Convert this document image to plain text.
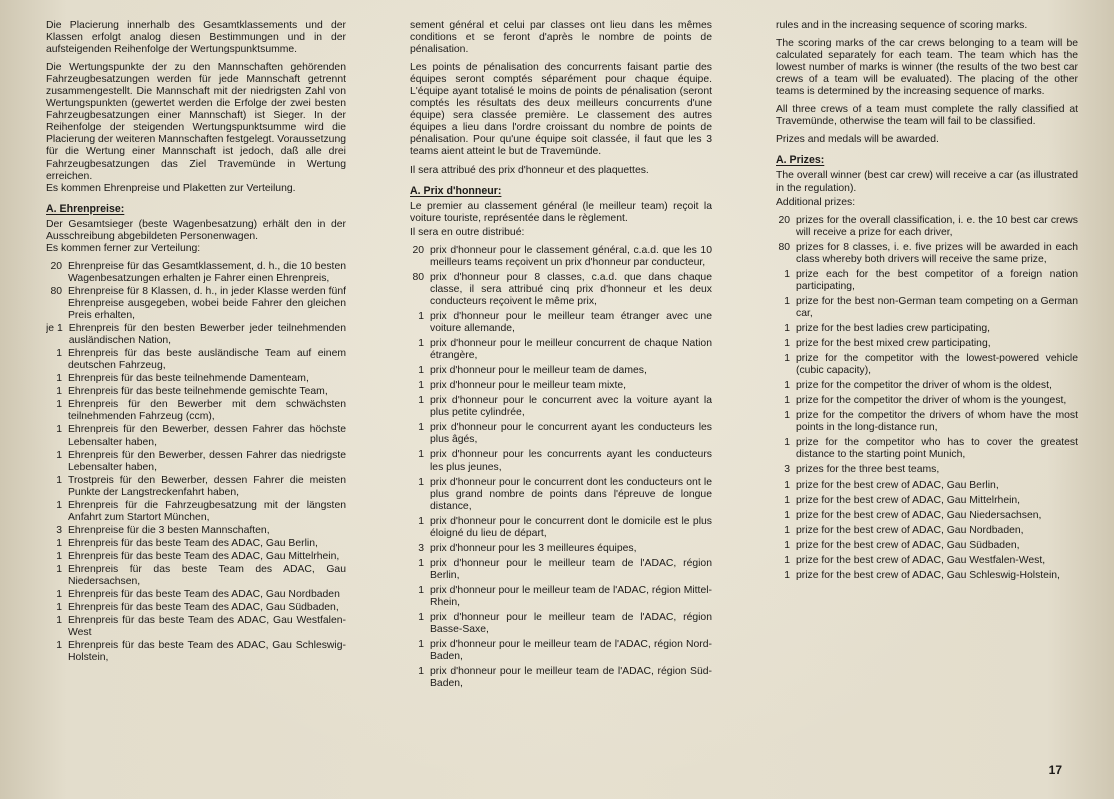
Die Placierung innerhalb des Gesamtklassements und der Klassen erfolgt analog diesen Bestimmungen und in der aufsteigenden Reihenfolge der Wertungspunktsumme.

Die Wertungspunkte der zu den Mannschaften gehörenden Fahrzeugbesatzungen werden für jede Mannschaft getrennt zusammengestellt. Die Mannschaft mit der niedrigsten Zahl von Wertungspunkten (gewertet werden die Erfolge der zwei besten Fahrzeugbesatzungen einer Mannschaft) ist Sieger. In der Reihenfolge der steigenden Wertungspunktsumme wird die Placierung der weiteren Mannschaften festgelegt. Voraussetzung für die Wertung einer Mannschaft ist jedoch, daß alle drei Fahrzeugbesatzungen das Ziel Travemünde in Wertung erreichen.

Es kommen Ehrenpreise und Plaketten zur Verteilung.

A. Ehrenpreise:

Der Gesamtsieger (beste Wagenbesatzung) erhält den in der Ausschreibung abgebildeten Personenwagen.

Es kommen ferner zur Verteilung:

20 Ehrenpreise für das Gesamtklassement, d. h., die 10 besten Wagenbesatzungen erhalten je Fahrer einen Ehrenpreis,
80 Ehrenpreise für 8 Klassen, d. h., in jeder Klasse werden fünf Ehrenpreise ausgegeben, wobei beide Fahrer den gleichen Preis erhalten,
je 1 Ehrenpreis für den besten Bewerber jeder teilnehmenden ausländischen Nation,
1 Ehrenpreis für das beste ausländische Team auf einem deutschen Fahrzeug,
1 Ehrenpreis für das beste teilnehmende Damenteam,
1 Ehrenpreis für das beste teilnehmende gemischte Team,
1 Ehrenpreis für den Bewerber mit dem schwächsten teilnehmenden Fahrzeug (ccm),
1 Ehrenpreis für den Bewerber, dessen Fahrer das höchste Lebensalter haben,
1 Ehrenpreis für den Bewerber, dessen Fahrer das niedrigste Lebensalter haben,
1 Trostpreis für den Bewerber, dessen Fahrer die meisten Punkte der Langstreckenfahrt haben,
1 Ehrenpreis für die Fahrzeugbesatzung mit der längsten Anfahrt zum Startort München,
3 Ehrenpreise für die 3 besten Mannschaften,
1 Ehrenpreis für das beste Team des ADAC, Gau Berlin,
1 Ehrenpreis für das beste Team des ADAC, Gau Mittelrhein,
1 Ehrenpreis für das beste Team des ADAC, Gau Niedersachsen,
1 Ehrenpreis für das beste Team des ADAC, Gau Nordbaden
1 Ehrenpreis für das beste Team des ADAC, Gau Südbaden,
1 Ehrenpreis für das beste Team des ADAC, Gau Westfalen-West
1 Ehrenpreis für das beste Team des ADAC, Gau Schleswig-Holstein,

sement général et celui par classes ont lieu dans les mêmes conditions et se feront d'après le nombre de points de pénalisation.

Les points de pénalisation des concurrents faisant partie des équipes seront comptés séparément pour chaque équipe. L'équipe ayant totalisé le moins de points de pénalisation (seront comptés les résultats des deux meilleurs concurrents d'une équipe) sera classée première. Le classement des autres équipes a lieu dans l'ordre croissant du nombre de points de pénalisation. Pour qu'une équipe soit classée, il faut que les 3 teams aient atteint le but de Travemünde.

Il sera attribué des prix d'honneur et des plaquettes.

A. Prix d'honneur:

Le premier au classement général (le meilleur team) reçoit la voiture touriste, représentée dans le règlement.

Il sera en outre distribué:

20 prix d'honneur pour le classement général, c.a.d. que les 10 meilleurs teams reçoivent un prix d'honneur par conducteur,
80 prix d'honneur pour 8 classes, c.a.d. que dans chaque classe, il sera attribué cinq prix d'honneur et les deux conducteurs reçoivent le même prix,
1 prix d'honneur pour le meilleur team étranger avec une voiture allemande,
1 prix d'honneur pour le meilleur concurrent de chaque Nation étrangère,
1 prix d'honneur pour le meilleur team de dames,
1 prix d'honneur pour le meilleur team mixte,
1 prix d'honneur pour le concurrent avec la voiture ayant la plus petite cylindrée,
1 prix d'honneur pour le concurrent ayant les conducteurs les plus âgés,
1 prix d'honneur pour les concurrents ayant les conducteurs les plus jeunes,
1 prix d'honneur pour le concurrent dont les conducteurs ont le plus grand nombre de points dans l'épreuve de longue distance,
1 prix d'honneur pour le concurrent dont le domicile est le plus éloigné du lieu de départ,
3 prix d'honneur pour les 3 meilleures équipes,
1 prix d'honneur pour le meilleur team de l'ADAC, région Berlin,
1 prix d'honneur pour le meilleur team de l'ADAC, région Mittel-Rhein,
1 prix d'honneur pour le meilleur team de l'ADAC, région Basse-Saxe,
1 prix d'honneur pour le meilleur team de l'ADAC, région Nord-Baden,
1 prix d'honneur pour le meilleur team de l'ADAC, région Süd-Baden,

rules and in the increasing sequence of scoring marks.

The scoring marks of the car crews belonging to a team will be calculated separately for each team. The team which has the lowest number of marks is winner (the results of the two best car crews of a team will be evaluated). The placing of the other teams is determined by the increasing sequence of marks.

All three crews of a team must complete the rally classified at Travemünde, otherwise the team will fail to be classified.

Prizes and medals will be awarded.

A. Prizes:

The overall winner (best car crew) will receive a car (as illustrated in the regulation).

Additional prizes:

20 prizes for the overall classification, i. e. the 10 best car crews will receive a prize for each driver,
80 prizes for 8 classes, i. e. five prizes will be awarded in each class whereby both drivers will receive the same prize,
1 prize each for the best competitor of a foreign nation participating,
1 prize for the best non-German team competing on a German car,
1 prize for the best ladies crew participating,
1 prize for the best mixed crew participating,
1 prize for the competitor with the lowest-powered vehicle (cubic capacity),
1 prize for the competitor the driver of whom is the oldest,
1 prize for the competitor the driver of whom is the youngest,
1 prize for the competitor the drivers of whom have the most points in the long-distance run,
1 prize for the competitor who has to cover the greatest distance to the starting point Munich,
3 prizes for the three best teams,
1 prize for the best crew of ADAC, Gau Berlin,
1 prize for the best crew of ADAC, Gau Mittelrhein,
1 prize for the best crew of ADAC, Gau Niedersachsen,
1 prize for the best crew of ADAC, Gau Nordbaden,
1 prize for the best crew of ADAC, Gau Südbaden,
1 prize for the best crew of ADAC, Gau Westfalen-West,
1 prize for the best crew of ADAC, Gau Schleswig-Holstein,
17
